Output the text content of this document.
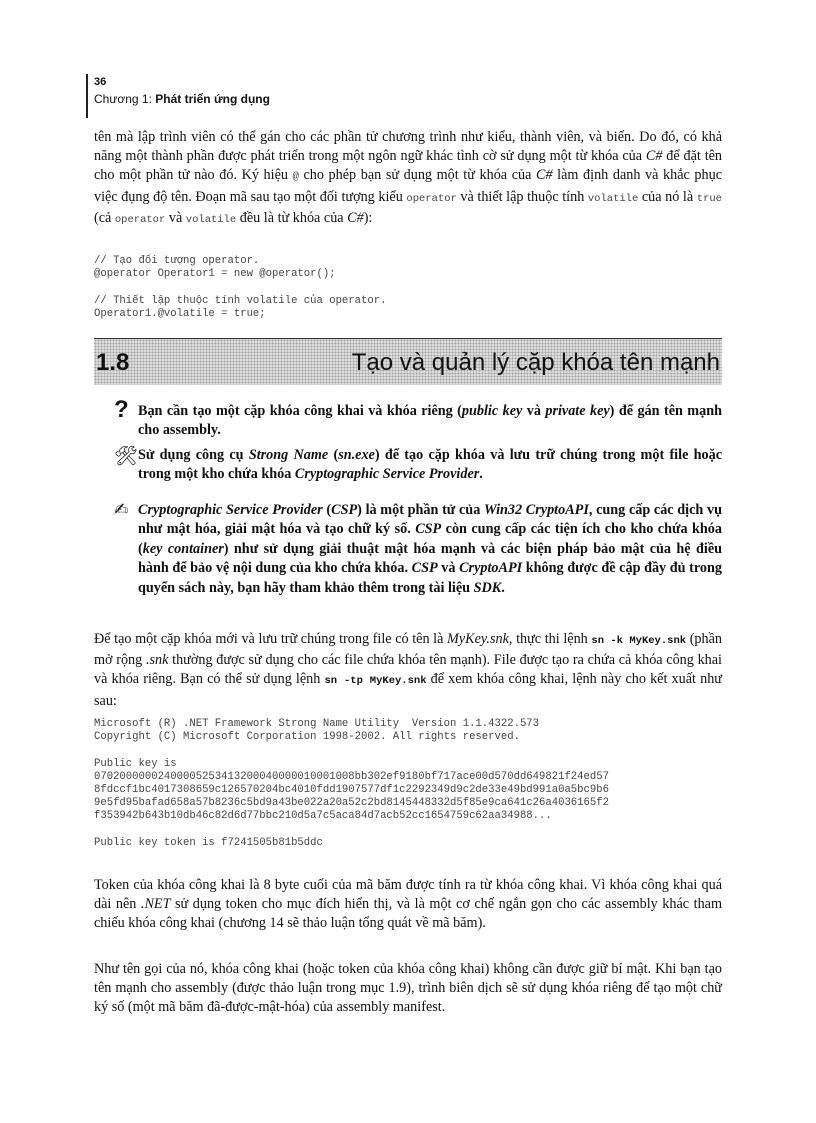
36
Chương 1: Phát triển ứng dụng

tên mà lập trình viên có thể gán cho các phần tử chương trình như kiểu, thành viên, và biến. Do đó, có khả năng một thành phần được phát triển trong một ngôn ngữ khác tình cờ sử dụng một từ khóa của C# để đặt tên cho một phần tử nào đó. Ký hiệu @ cho phép bạn sử dụng một từ khóa của C# làm định danh và khắc phục việc đụng độ tên. Đoạn mã sau tạo một đối tượng kiểu operator và thiết lập thuộc tính volatile của nó là true (cả operator và volatile đều là từ khóa của C#):

// Tạo đối tượng operator.
@operator Operator1 = new @operator();

// Thiết lập thuộc tính volatile của operator.
Operator1.@volatile = true;
1.8	Tạo và quản lý cặp khóa tên mạnh
? Bạn cần tạo một cặp khóa công khai và khóa riêng (public key và private key) để gán tên mạnh cho assembly.

🛠 Sử dụng công cụ Strong Name (sn.exe) để tạo cặp khóa và lưu trữ chúng trong một file hoặc trong một kho chứa khóa Cryptographic Service Provider.

✍ Cryptographic Service Provider (CSP) là một phần tử của Win32 CryptoAPI, cung cấp các dịch vụ như mật hóa, giải mật hóa và tạo chữ ký số. CSP còn cung cấp các tiện ích cho kho chứa khóa (key container) như sử dụng giải thuật mật hóa mạnh và các biện pháp bảo mật của hệ điều hành để bảo vệ nội dung của kho chứa khóa. CSP và CryptoAPI không được đề cập đầy đủ trong quyển sách này, bạn hãy tham khảo thêm trong tài liệu SDK.

Để tạo một cặp khóa mới và lưu trữ chúng trong file có tên là MyKey.snk, thực thi lệnh sn -k MyKey.snk (phần mở rộng .snk thường được sử dụng cho các file chứa khóa tên mạnh). File được tạo ra chứa cả khóa công khai và khóa riêng. Bạn có thể sử dụng lệnh sn -tp MyKey.snk để xem khóa công khai, lệnh này cho kết xuất như sau:

Microsoft (R) .NET Framework Strong Name Utility  Version 1.1.4322.573
Copyright (C) Microsoft Corporation 1998-2002. All rights reserved.

Public key is
07020000002400005253413200040000010001008bb302ef9180bf717ace00d570dd649821f24ed57
8fdccf1bc4017308659c126570204bc4010fdd1907577df1c2292349d9c2de33e49bd991a0a5bc9b6
9e5fd95bafad658a57b8236c5bd9a43be022a20a52c2bd8145448332d5f85e9ca641c26a4036165f2
f353942b643b10db46c82d6d77bbc210d5a7c5aca84d7acb52cc1654759c62aa34988...

Public key token is f7241505b81b5ddc

Token của khóa công khai là 8 byte cuối của mã băm được tính ra từ khóa công khai. Vì khóa công khai quá dài nên .NET sử dụng token cho mục đích hiển thị, và là một cơ chế ngắn gọn cho các assembly khác tham chiếu khóa công khai (chương 14 sẽ thảo luận tổng quát về mã băm).

Như tên gọi của nó, khóa công khai (hoặc token của khóa công khai) không cần được giữ bí mật. Khi bạn tạo tên mạnh cho assembly (được thảo luận trong mục 1.9), trình biên dịch sẽ sử dụng khóa riêng để tạo một chữ ký số (một mã băm đã-được-mật-hóa) của assembly manifest.
